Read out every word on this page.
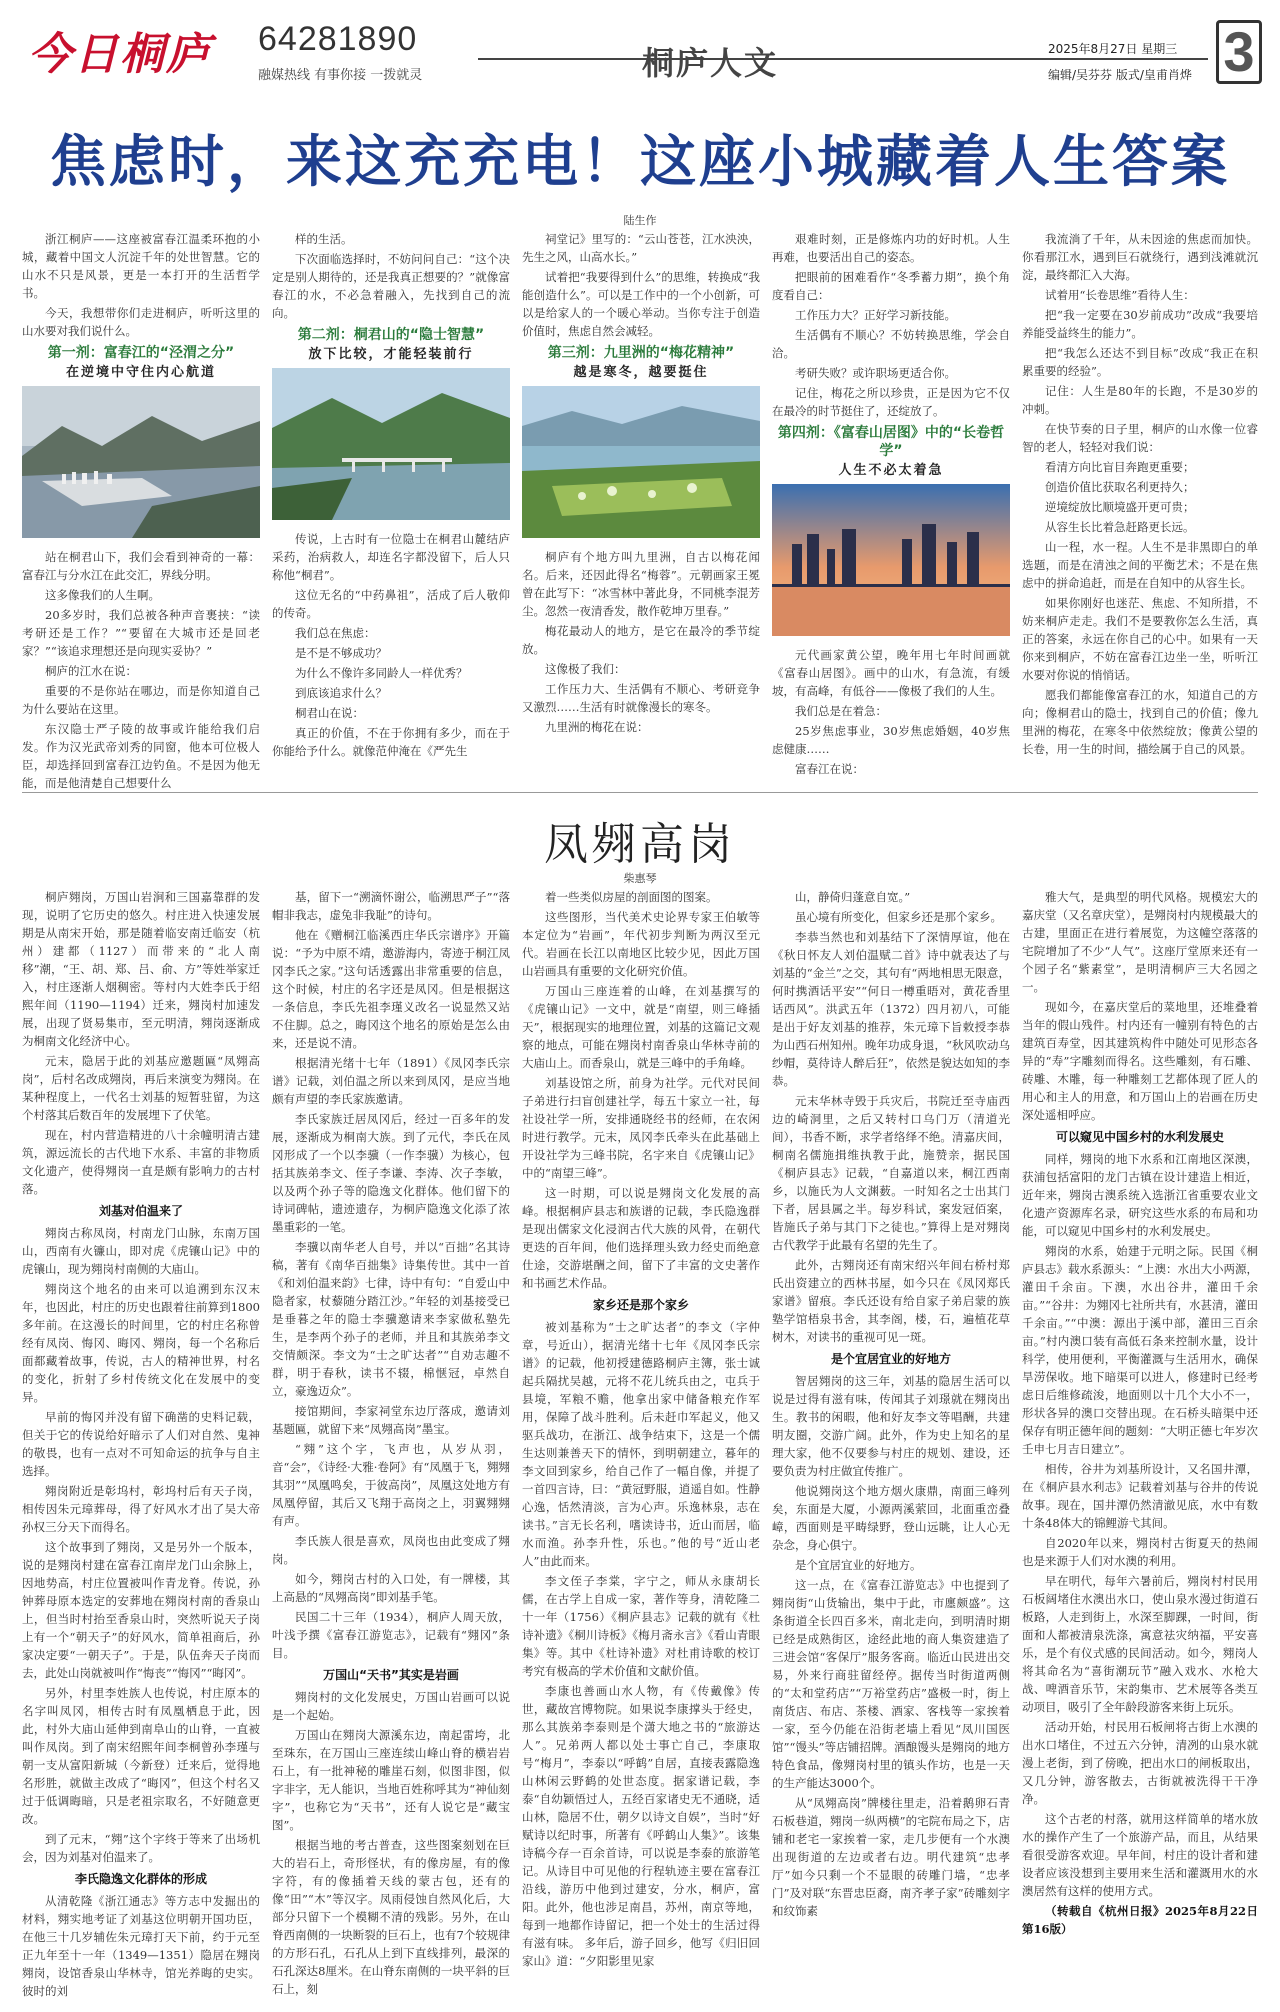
今日桐庐 64281890
融媒热线 有事你接 一拨就灵	桐庐人文	2025年8月27日 星期三
编辑/吴芬芬 版式/皇甫肖烨 3
焦虑时，来这充充电！这座小城藏着人生答案
陆生作

浙江桐庐——这座被富春江温柔环抱的小城，藏着中国文人沉淀千年的处世智慧。它的山水不只是风景，更是一本打开的生活哲学书。

今天，我想带你们走进桐庐，听听这里的山水要对我们说什么。

第一剂：富春江的“泾渭之分”

在逆境中守住内心航道

站在桐君山下，我们会看到神奇的一幕：富春江与分水江在此交汇，界线分明。

这多像我们的人生啊。

20多岁时，我们总被各种声音裹挟：“读考研还是工作？”“要留在大城市还是回老家？”“该追求理想还是向现实妥协？”

桐庐的江水在说：

重要的不是你站在哪边，而是你知道自己为什么要站在这里。

东汉隐士严子陵的故事或许能给我们启发。作为汉光武帝刘秀的同窗，他本可位极人臣，却选择回到富春江边钓鱼。不是因为他无能，而是他清楚自己想要什么

样的生活。

下次面临选择时，不妨问问自己：“这个决定是别人期待的，还是我真正想要的？”就像富春江的水，不必急着融入，先找到自己的流向。

第二剂：桐君山的“隐士智慧”

放下比较，才能轻装前行

传说，上古时有一位隐士在桐君山麓结庐采药，治病救人，却连名字都没留下，后人只称他“桐君”。

这位无名的“中药鼻祖”，活成了后人敬仰的传奇。

我们总在焦虑：

是不是不够成功？

为什么不像许多同龄人一样优秀？

到底该追求什么？

桐君山在说：

真正的价值，不在于你拥有多少，而在于你能给予什么。就像范仲淹在《严先生

祠堂记》里写的：“云山苍苍，江水泱泱，先生之风，山高水长。”

试着把“我要得到什么”的思维，转换成“我能创造什么”。可以是工作中的一个小创新，可以是给家人的一个暖心举动。当你专注于创造价值时，焦虑自然会减轻。

第三剂：九里洲的“梅花精神”

越是寒冬，越要挺住

桐庐有个地方叫九里洲，自古以梅花闻名。后来，还因此得名“梅蓉”。元朝画家王冕曾在此写下：“冰雪林中著此身，不同桃李混芳尘。忽然一夜清香发，散作乾坤万里春。”

梅花最动人的地方，是它在最冷的季节绽放。

这像极了我们：

工作压力大、生活偶有不顺心、考研竞争又激烈……生活有时就像漫长的寒冬。

九里洲的梅花在说：

艰难时刻，正是修炼内功的好时机。人生再难，也要活出自己的姿态。

把眼前的困难看作“冬季蓄力期”，换个角度看自己：

工作压力大？正好学习新技能。

生活偶有不顺心？不妨转换思维，学会自洽。

考研失败？或许职场更适合你。

记住，梅花之所以珍贵，正是因为它不仅在最冷的时节挺住了，还绽放了。

第四剂：《富春山居图》中的“长卷哲学”

人生不必太着急

元代画家黄公望，晚年用七年时间画就《富春山居图》。画中的山水，有急流，有缓坡，有高峰，有低谷——像极了我们的人生。

我们总是在着急：

25岁焦虑事业，30岁焦虑婚姻，40岁焦虑健康……

富春江在说：

我流淌了千年，从未因途的焦虑而加快。你看那江水，遇到巨石就绕行，遇到浅滩就沉淀，最终都汇入大海。

试着用“长卷思维”看待人生：

把“我一定要在30岁前成功”改成“我要培养能受益终生的能力”。

把“我怎么还达不到目标”改成“我正在积累重要的经验”。

记住：人生是80年的长跑，不是30岁的冲刺。

在快节奏的日子里，桐庐的山水像一位睿智的老人，轻轻对我们说：

看清方向比盲目奔跑更重要；

创造价值比获取名利更持久；

逆境绽放比顺境盛开更可贵；

从容生长比着急赶路更长远。

山一程，水一程。人生不是非黑即白的单选题，而是在清浊之间的平衡艺术；不是在焦虑中的拼命追赶，而是在自知中的从容生长。

如果你刚好也迷茫、焦虑、不知所措，不妨来桐庐走走。我们不是要教你怎么生活，真正的答案，永远在你自己的心中。如果有一天你来到桐庐，不妨在富春江边坐一坐，听听江水要对你说的悄悄话。

愿我们都能像富春江的水，知道自己的方向；像桐君山的隐士，找到自己的价值；像九里洲的梅花，在寒冬中依然绽放；像黄公望的长卷，用一生的时间，描绘属于自己的风景。

凤翙高岗
柴惠琴

桐庐翙岗，万国山岩涧和三国嘉靠群的发现，说明了它历史的悠久。村庄进入快速发展期是从南宋开始，那是随着临安南迁临安（杭州）建都（1127）而带来的“北人南移”潮，“王、胡、郑、吕、俞、方”等姓举家迁入，村庄逐渐人烟稠密。等村内大姓李氏于绍熙年间（1190—1194）迁来，翙岗村加速发展，出现了贤易集市，至元明清，翙岗逐渐成为桐南文化经济中心。

元末，隐居于此的刘基应邀题匾“凤翙高岗”，后村名改成翙岗，再后来演变为翙岗。在某种程度上，一代名士刘基的短暂驻留，为这个村落其后数百年的发展埋下了伏笔。

现在，村内营造精进的八十余幢明清古建筑，源远流长的古代地下水系、丰富的非物质文化遗产，使得翙岗一直是颇有影响力的古村落。

刘基对伯温来了

翙岗古称凤岗，村南龙门山脉，东南万国山，西南有火镰山，即对虎《虎镶山记》中的虎镶山，现为翙岗村南侧的大庙山。

翙岗这个地名的由来可以追溯到东汉末年，也因此，村庄的历史也跟着往前算到1800多年前。在这漫长的时间里，它的村庄名称曾经有凤岗、悔冈、晦冈、翙岗，每一个名称后面都藏着故事，传说，古人的精神世界，村名的变化，折射了乡村传统文化在发展中的变异。

早前的悔冈并没有留下确凿的史料记载，但关于它的传说给好暗示了人们对自然、鬼神的敬畏，也有一点对不可知命运的抗争与自主选择。

翙岗附近是彰坞村，彰坞村后有天子岗，相传因朱元璋葬母，得了好风水才出了吴大帝孙权三分天下而得名。

这个故事到了翙岗，又是另外一个版本，说的是翙岗村建在富春江南岸龙门山余脉上，因地势高，村庄位置被叫作青龙脊。传说，孙钟葬母原本选定的安葬地在翙岗村南的香泉山上，但当时村抬至香泉山时，突然听说天子岗上有一个“朝天子”的好风水，简单祖商后，孙家决定要“一朝天子”。于是，队伍奔天子岗而去，此处山岗就被叫作“悔丧”“悔冈”“晦冈”。

另外，村里李姓族人也传说，村庄原本的名字叫凤冈，相传古时有凤凰栖息于此，因此，村外大庙山延伸到南阜山的山脊，一直被叫作凤岗。到了南宋绍熙年间李桐曾孙李瑾与朝一支从富阳新城（今新登）迁来后，觉得地名形胜，就做主改成了“晦冈”，但这个村名又过于低调晦暗，只是老祖宗取名，不好随意更改。

到了元末，“翙”这个字终于等来了出场机会，因为刘基对伯温来了。

李氏隐逸文化群体的形成

从清乾隆《浙江通志》等方志中发掘出的材料，翙实地考证了刘基这位明朝开国功臣，在他三十几岁辅佐朱元璋打天下前，约于元至正九年至十一年（1349—1351）隐居在翙岗翙岗，设馆香泉山华林寺，馆光养晦的史实。彼时的刘

基，留下一“溯滴怀谢公，临溯思严子”“落帽非我志，虚兔非我耻”的诗句。

他在《赠桐江临溪西庄华氏宗谱序》开篇说：“予为中原不靖，邀游海内，寄迹于桐江凤冈李氏之家。”这句话透露出非常重要的信息，这个时候，村庄的名字还是凤冈。但是根据这一条信息，李氏先祖李瑾义改名一说显然又站不住脚。总之，晦冈这个地名的原始是怎么由来，还是说不清。

根据清光绪十七年（1891）《凤冈李氏宗谱》记载，刘伯温之所以来到凤冈，是应当地颇有声望的李氏家族邀请。

李氏家族迁居凤冈后，经过一百多年的发展，逐渐成为桐南大族。到了元代，李氏在凤冈形成了一个以李骥（一作李骥）为核心，包括其族弟李文、侄子李谦、李涛、次子李敏，以及两个孙子等的隐逸文化群体。他们留下的诗词碑帖，遗迹遗存，为桐庐隐逸文化添了浓墨重彩的一笔。

李骥以南华老人自号，并以“百拙”名其诗稿，著有《南华百拙集》诗集传世。其中一首《和刘伯温来韵》七律，诗中有句：“自爱山中隐者家，杖藜随分踏江沙。”年轻的刘基接受已是垂暮之年的隐士李骥邀请来李家做私塾先生，是李两个孙子的老师，并且和其族弟李文交情颇深。李文为“士之旷达者”“自劝志趣不群，明于春秋，读书不辍，棉惬冠，卓然自立，豪逸迈众”。

接馆期间，李家祠堂东边厅落成，邀请刘基题匾，就留下来“凤翙高岗”墨宝。

“翙”这个字，飞声也，从岁从羽，音“会”，《诗经·大雅·卷阿》有“凤凰于飞，翙翙其羽”“凤凰鸣矣，于彼高岗”，凤凰这处地方有凤凰停留，其后又飞翔于高岗之上，羽翼翙翙有声。

李氏族人很是喜欢，凤岗也由此变成了翙岗。

如今，翙岗古村的入口处，有一牌楼，其上高悬的“凤翙高岗”即刘基手笔。

民国二十三年（1934），桐庐人周天放，叶浅予撰《富春江游览志》，记载有“翙冈”条目。

万国山“天书”其实是岩画

翙岗村的文化发展史，万国山岩画可以说是一个起始。

万国山在翙岗大源溪东边，南起雷垮，北至珠东，在万国山三座连续山峰山脊的横岩岩石上，有一批神秘的雕崖石刻，似图非图，似字非字，无人能识，当地百姓称呼其为“神仙刻字”，也称它为“天书”，还有人说它是“藏宝图”。

根据当地的考古普查，这些图案刻划在巨大的岩石上，奇形怪状，有的像房屋，有的像字符，有的像插着天线的蒙古包，还有的像“田”“木”等汉字。凤雨侵蚀自然风化后，大部分只留下一个模糊不清的残影。另外，在山脊西南侧的一块断裂的巨石上，也有7个较规律的方形石孔，石孔从上到下直线排列，最深的石孔深达8厘米。在山脊东南侧的一块平斜的巨石上，刻

着一些类似房屋的剖面图的图案。

这些图形，当代美术史论界专家王伯敏等本定位为“岩画”，年代初步判断为两汉至元代。岩画在长江以南地区比较少见，因此万国山岩画具有重要的文化研究价值。

万国山三座连着的山峰，在刘基撰写的《虎镶山记》一文中，就是“南望，则三峰插天”，根据现实的地理位置，刘基的这篇记文观察的地点，可能在翙岗村南香泉山华林寺前的大庙山上。而香泉山，就是三峰中的手角峰。

刘基设馆之所，前身为社学。元代对民间子弟进行扫盲创建社学，每五十家立一社，每社设社学一所，安排通晓经书的经师，在农闲时进行教学。元末，凤冈李氏牵头在此基础上开设社学为三峰书院，名字来自《虎镶山记》中的“南望三峰”。

这一时期，可以说是翙岗文化发展的高峰。根据桐庐县志和族谱的记载，李氏隐逸群是现出儒家文化浸润古代大族的风骨，在朝代更迭的百年间，他们选择理头致力经史而绝意仕途，交游堪酬之间，留下了丰富的文史著作和书画艺术作品。

家乡还是那个家乡

被刘基称为“士之旷达者”的李文（字仲章，号近山），据清光绪十七年《凤冈李氏宗谱》的记载，他初授建德路桐庐主簿，张士诚起兵隔扰吴越，元将不花儿统兵由之，屯兵于县境，军粮不赡，他拿出家中储备粮充作军用，保障了战斗胜利。后未赶巾军起义，他又驱兵战功，在浙江、战争结束下，这是一个儒生达则兼善天下的情怀，到明朝建立，暮年的李文回到家乡，给自己作了一幅自像，并提了一首四言诗，曰：“黄冠野服，逍遥自如。性静心逸，恬然清淡，言为心声。乐逸林泉，志在读书。”言无长名利，嗜读诗书，近山而居，临水而渔。孙李升性，乐也。”他的号“近山老人”由此而来。

李文侄子李棠，字宁之，师从永康胡长儒，在古学上自成一家，著作等身，清乾隆二十一年（1756）《桐庐县志》记载的就有《杜诗补遗》《桐川诗板》《梅月斋永言》《看山青眼集》等。其中《杜诗补遗》对杜甫诗歌的校订考究有极高的学术价值和文献价值。

李康也善画山水人物，有《传戴像》传世，藏故宫博物院。如果说李康撑头于经史，那么其族弟李泰则是个潇大地之书的“旅游达人”。兄弟两人都以处士事亡自己，李康取号“梅月”，李泰以“呼鹤”自居，直接表露隐逸山林闲云野鹤的处世态度。据家谱记载，李泰“自幼颖悟过人，五经百家诸史无不通晓，适山林，隐居不仕，朝夕以诗文自娱”，当时“好赋诗以纪时事，所著有《呼鹤山人集》”。该集诗稿今存一百余首诗，可以说是李泰的旅游笔记。从诗目中可见他的行程轨迹主要在富春江沿线，游历中他到过建安，分水，桐庐，富阳。此外，他也涉足南昌，苏州，南京等地，每到一地都作诗留记，把一个处士的生活过得有滋有味。 多年后，游子回乡，他写《归旧回家山》道：“夕阳影里见家

山，静倚归蓬意自宽。”

虽心境有所变化，但家乡还是那个家乡。

李恭当然也和刘基结下了深情厚谊，他在《秋日怀友人刘伯温赋二首》诗中就表达了与刘基的“金兰”之交，其句有“两地相思无限意，何时携酒话平安”“何日一樽重晤对，黄花香里话西风”。洪武五年（1372）四月初八，可能是出于好友刘基的推荐，朱元璋下旨敕授李恭为山西石州知州。晚年功成身退，“秋风吹动乌纱帽，莫待诗人醉后狂”，依然是貌达如知的李恭。

元末华林寺毁于兵灾后，书院迁至寺庙西边的崎洞里，之后又转村口乌门万（清道光间），书香不断，求学者络绎不绝。清嘉庆间，桐南名儒施揖维执教于此，施赞亲，据民国《桐庐县志》记载，“自嘉道以来，桐江西南乡，以施氏为人文渊薮。一时知名之士出其门下者，居县属之半。每岁科试，案发冠佰案，皆施氏子弟与其门下之徒也。”算得上是对翙岗古代教学于此最有名望的先生了。

此外，古翙岗还有南宋绍兴年间右桥村郑氏出资建立的西林书屋，如今只在《凤冈郑氏家谱》留痕。李氏还设有给自家子弟启蒙的族塾学馆梧泉书舍，其李阁，楼，石，遍植花草树木，对读书的重视可见一斑。

是个宜居宜业的好地方

智居翙岗的这三年，刘基的隐居生活可以说是过得有滋有味，传闻其子刘璟就在翙岗出生。教书的闲暇，他和好友李文等唱酬，共建明友圈，交游广阔。此外，作为史上知名的星理大家，他不仅要参与村庄的规划、建设，还要负责为村庄做宜传推广。

他说翙岗这个地方烟火康鼎，南面三峰列矣，东面是大厦，小源两溪萦回，北面重峦叠嶂，西面则是平畴绿野，登山远眺，让人心无杂念，身心俱宁。

是个宜居宜业的好地方。

这一点，在《富春江游览志》中也提到了翙岗街“山货输出，集中于此，市廛颇盛”。这条街道全长四百多米，南北走向，到明清时期已经是成熟街区，途经此地的商人集资建造了三进会馆“客保厅”服务客商。临近山民进出交易，外来行商驻留经停。据传当时街道两侧的“太和堂药店”“万裕堂药店”盛极一时，街上南货店、布店、茶楼、酒家、客栈等一家挨着一家，至今仍能在沿街老墙上看见“凤川国医馆”“馒头”等店铺招牌。酒酿馒头是翙岗的地方特色食品，像翙岗村里的镇头作坊，也是一天的生产能达3000个。

从“凤翙高岗”牌楼往里走，沿着鹅卵石青石板巷道，翙岗一纵两横”的宅院布局之下，店铺和老宅一家挨着一家，走几步便有一个水澳出现街道的左边或者右边。明代建筑“忠孝厅”如今只剩一个不显眼的砖雕门墙，“忠孝门”及对联“东晋忠臣裔，南齐孝子家”砖雕刻字和纹饰素

雅大气，是典型的明代风格。规模宏大的嘉庆堂（又名章庆堂），是翙岗村内规模最大的古建，里面正在进行着展览，为这幢空落落的宅院增加了不少“人气”。这座厅堂原来还有一个园子名“紫素堂”，是明清桐庐三大名园之一。

现如今，在嘉庆堂后的菜地里，还堆叠着当年的假山残件。村内还有一幢别有特色的古建筑百寿堂，因其建筑构件中随处可见形态各异的“寿”字雕刻而得名。这些雕刻，有石雕、砖雕、木雕，每一种雕刻工艺都体现了匠人的用心和主人的用意，和万国山上的岩画在历史深处遥相呼应。

可以窥见中国乡村的水利发展史

同样，翙岗的地下水系和江南地区深澳，获浦包括富阳的龙门古镇在设计建造上相近，近年来，翙岗古澳系统入选浙江省重要农业文化遗产资源库名录，研究这些水系的布局和功能，可以窥见中国乡村的水利发展史。

翙岗的水系，始建于元明之际。民国《桐庐县志》载水系源头：“上澳：水出大小两源，灌田千余亩。下澳，水出谷井，灌田千余亩。”“谷井：为翙冈七社所共有，水甚清，灌田千余亩。”“中澳：源出于溪中部，灌田三百余亩。”村内澳口装有高低石条来控制水量，设计科学，使用便利，平衡灌溉与生活用水，确保旱涝保收。地下暗渠可以进人，修建时已经考虑日后维修疏浚，地面则以十几个大小不一，形状各异的澳口交替出现。在石桥头暗渠中还保存有明正德年间的题刻：“大明正德七年岁次壬申七月吉日建立”。

相传，谷井为刘基所设计，又名国井潭，在《桐庐县水利志》记载着刘基与谷井的传说故事。现在，国井潭仍然清澈见底，水中有数十条48体大的锦鲤游弋其间。

自2020年以来，翙岗村古街夏天的热闹也是来源于人们对水澳的利用。

早在明代，每年六暑前后，翙岗村村民用石板阔堵住水澳出水口，使山泉水漫过街道石板路，人走到街上，水深至脚踝，一时间，街面和人都被清泉洗涤，寓意祛灾纳福，平安喜乐，是个有仪式感的民间活动。如今，翙岗人将其命名为“喜街潮玩节”融入戏水、水枪大战、啤酒音乐节，宋韵集市、艺术展等各类互动项目，吸引了全年龄段游客来街上玩乐。

活动开始，村民用石板闸将古街上水澳的出水口堵住，不过五六分钟，清冽的山泉水就漫上老街，到了傍晚，把出水口的闸板取出，又几分钟，游客散去，古街就被洗得干干净净。

这个古老的村落，就用这样简单的堵水放水的操作产生了一个旅游产品，而且，从结果看很受游客欢迎。早年间，村庄的设计者和建设者应该没想到主要用来生活和灌溉用水的水澳居然有这样的使用方式。

（转载自《杭州日报》2025年8月22日第16版）
